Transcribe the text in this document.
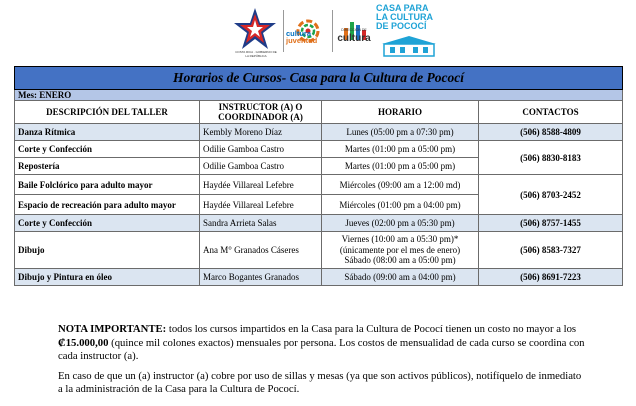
COSTA RICA · GOBIERNO DE LA REPÚBLICA
cultura
juventud
DIRECCIÓN DE
cultura
CASA PARA
LA CULTURA
DE POCOCÍ
Horarios de Cursos- Casa para la Cultura de Pococí			
Mes: ENERO			
DESCRIPCIÓN DEL TALLER	INSTRUCTOR (A) O COORDINADOR (A)	HORARIO	CONTACTOS
Danza Rítmica	Kembly Moreno Díaz	Lunes (05:00 pm a 07:30 pm)	(506) 8588-4809
Corte y Confección	Odilie Gamboa Castro	Martes (01:00 pm a 05:00 pm)	(506) 8830-8183
Repostería	Odilie Gamboa Castro	Martes (01:00 pm a 05:00 pm)	
Baile Folclórico para adulto mayor	Haydée Villareal Lefebre	Miércoles (09:00 am a 12:00 md)	(506) 8703-2452
Espacio de recreación para adulto mayor	Haydée Villareal Lefebre	Miércoles (01:00 pm a 04:00 pm)	
Corte y Confección	Sandra Arrieta Salas	Jueves (02:00 pm a 05:30 pm)	(506) 8757-1455
Dibujo	Ana M° Granados Cáseres	Viernes (10:00 am a 05:30 pm)*
(únicamente por el mes de enero)
Sábado (08:00 am a 05:00 pm)	(506) 8583-7327
Dibujo y Pintura en óleo	Marco Bogantes Granados	Sábado (09:00 am a 04:00 pm)	(506) 8691-7223

NOTA IMPORTANTE: todos los cursos impartidos en la Casa para la Cultura de Pococí tienen un costo no mayor a los ₡15.000,00 (quince mil colones exactos) mensuales por persona. Los costos de mensualidad de cada curso se coordina con cada instructor (a).

En caso de que un (a) instructor (a) cobre por uso de sillas y mesas (ya que son activos públicos), notifíquelo de inmediato a la administración de la Casa para la Cultura de Pococí.
